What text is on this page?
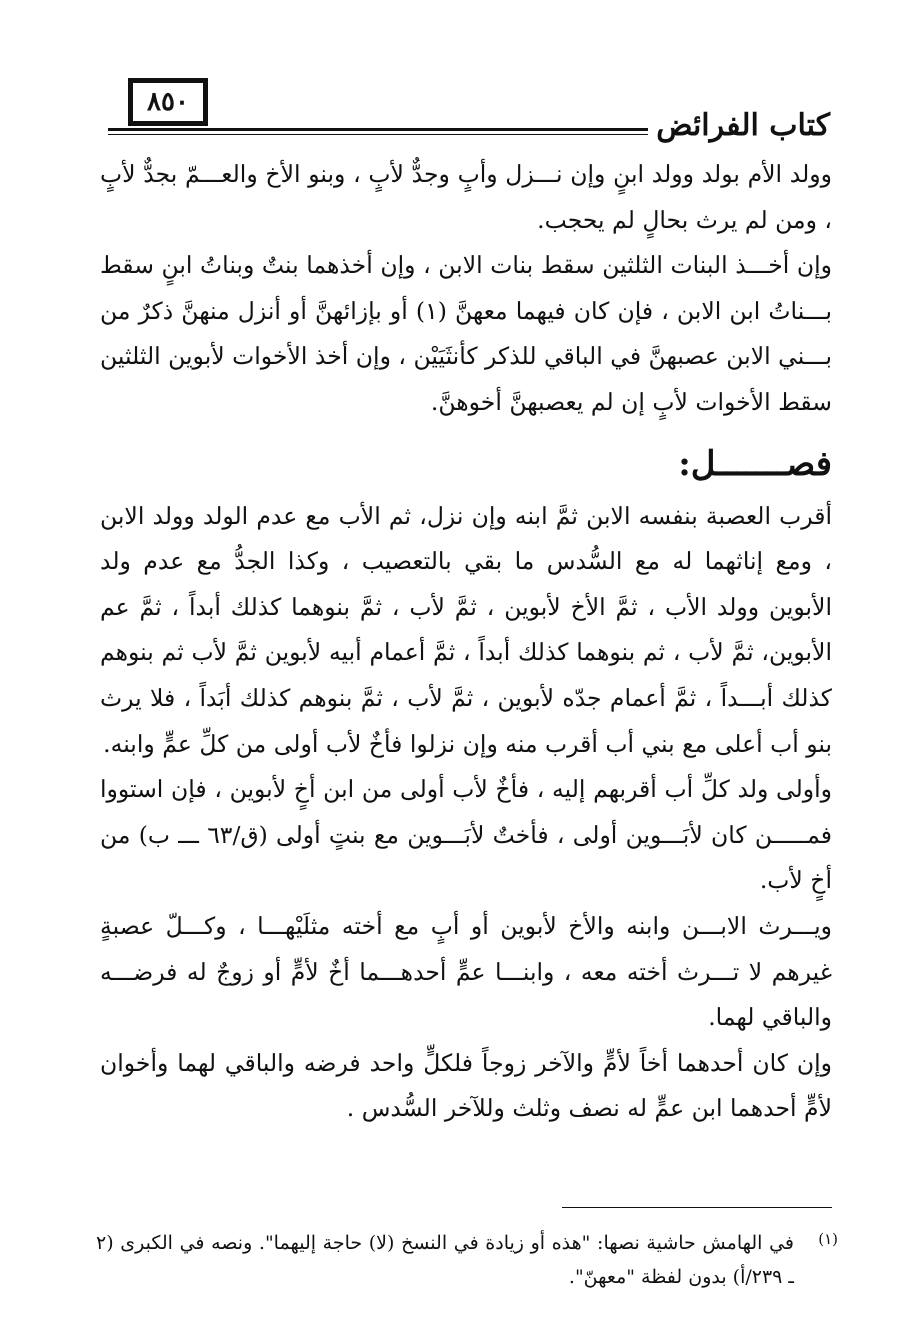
٨٥٠
كتاب الفرائض

وولد الأم بولد وولد ابنٍ وإن نـــزل وأبٍ وجدٌّ لأبٍ ، وبنو الأخ والعـــمّ بجدٌّ لأبٍ ، ومن لم يرث بحالٍ لم يحجب.

وإن أخـــذ البنات الثلثين سقط بنات الابن ، وإن أخذهما بنتٌ وبناتُ ابنٍ سقط بـــناتُ ابن الابن ، فإن كان فيهما معهنَّ (١) أو بإزائهنَّ أو أنزل منهنَّ ذكرٌ من بـــني الابن عصبهنَّ في الباقي للذكر كأنثَيَيْن ، وإن أخذ الأخوات لأبوين الثلثين سقط الأخوات لأبٍ إن لم يعصبهنَّ أخوهنَّ.

فصـــــــل:

أقرب العصبة بنفسه الابن ثمَّ ابنه وإن نزل، ثم الأب مع عدم الولد وولد الابن ، ومع إناثهما له مع السُّدس ما بقي بالتعصيب ، وكذا الجدُّ مع عدم ولد الأبوين وولد الأب ، ثمَّ الأخ لأبوين ، ثمَّ لأب ، ثمَّ بنوهما كذلك أبداً ، ثمَّ عم الأبوين، ثمَّ لأب ، ثم بنوهما كذلك أبداً ، ثمَّ أعمام أبيه لأبوين ثمَّ لأب ثم بنوهم كذلك أبـــداً ، ثمَّ أعمام جدّه لأبوين ، ثمَّ لأب ، ثمَّ بنوهم كذلك أبَداً ، فلا يرث بنو أب أعلى مع بني أب أقرب منه وإن نزلوا فأخٌ لأب أولى من كلِّ عمٍّ وابنه.

وأولى ولد كلِّ أب أقربهم إليه ، فأخٌ لأب أولى من ابن أخٍ لأبوين ، فإن استووا فمـــــن كان لأبَـــوين أولى ، فأختٌ لأبَـــوين مع بنتٍ أولى (ق/٦٣ ـــ ب) من أخٍ لأب.

ويـــرث الابـــن وابنه والأخ لأبوين أو أبٍ مع أخته مثلَيْهـــا ، وكـــلّ عصبةٍ غيرهم لا تـــرث أخته معه ، وابنـــا عمٍّ أحدهـــما أخٌ لأمٍّ أو زوجٌ له فرضـــه والباقي لهما.

وإن كان أحدهما أخاً لأمٍّ والآخر زوجاً فلكلٍّ واحد فرضه والباقي لهما وأخوان لأمٍّ أحدهما ابن عمٍّ له نصف وثلث وللآخر السُّدس .

(١)
في الهامش حاشية نصها: "هذه أو زيادة في النسخ (لا) حاجة إليهما". ونصه في الكبرى (٢ ـ ٢٣٩/أ) بدون لفظة "معهنّ".
